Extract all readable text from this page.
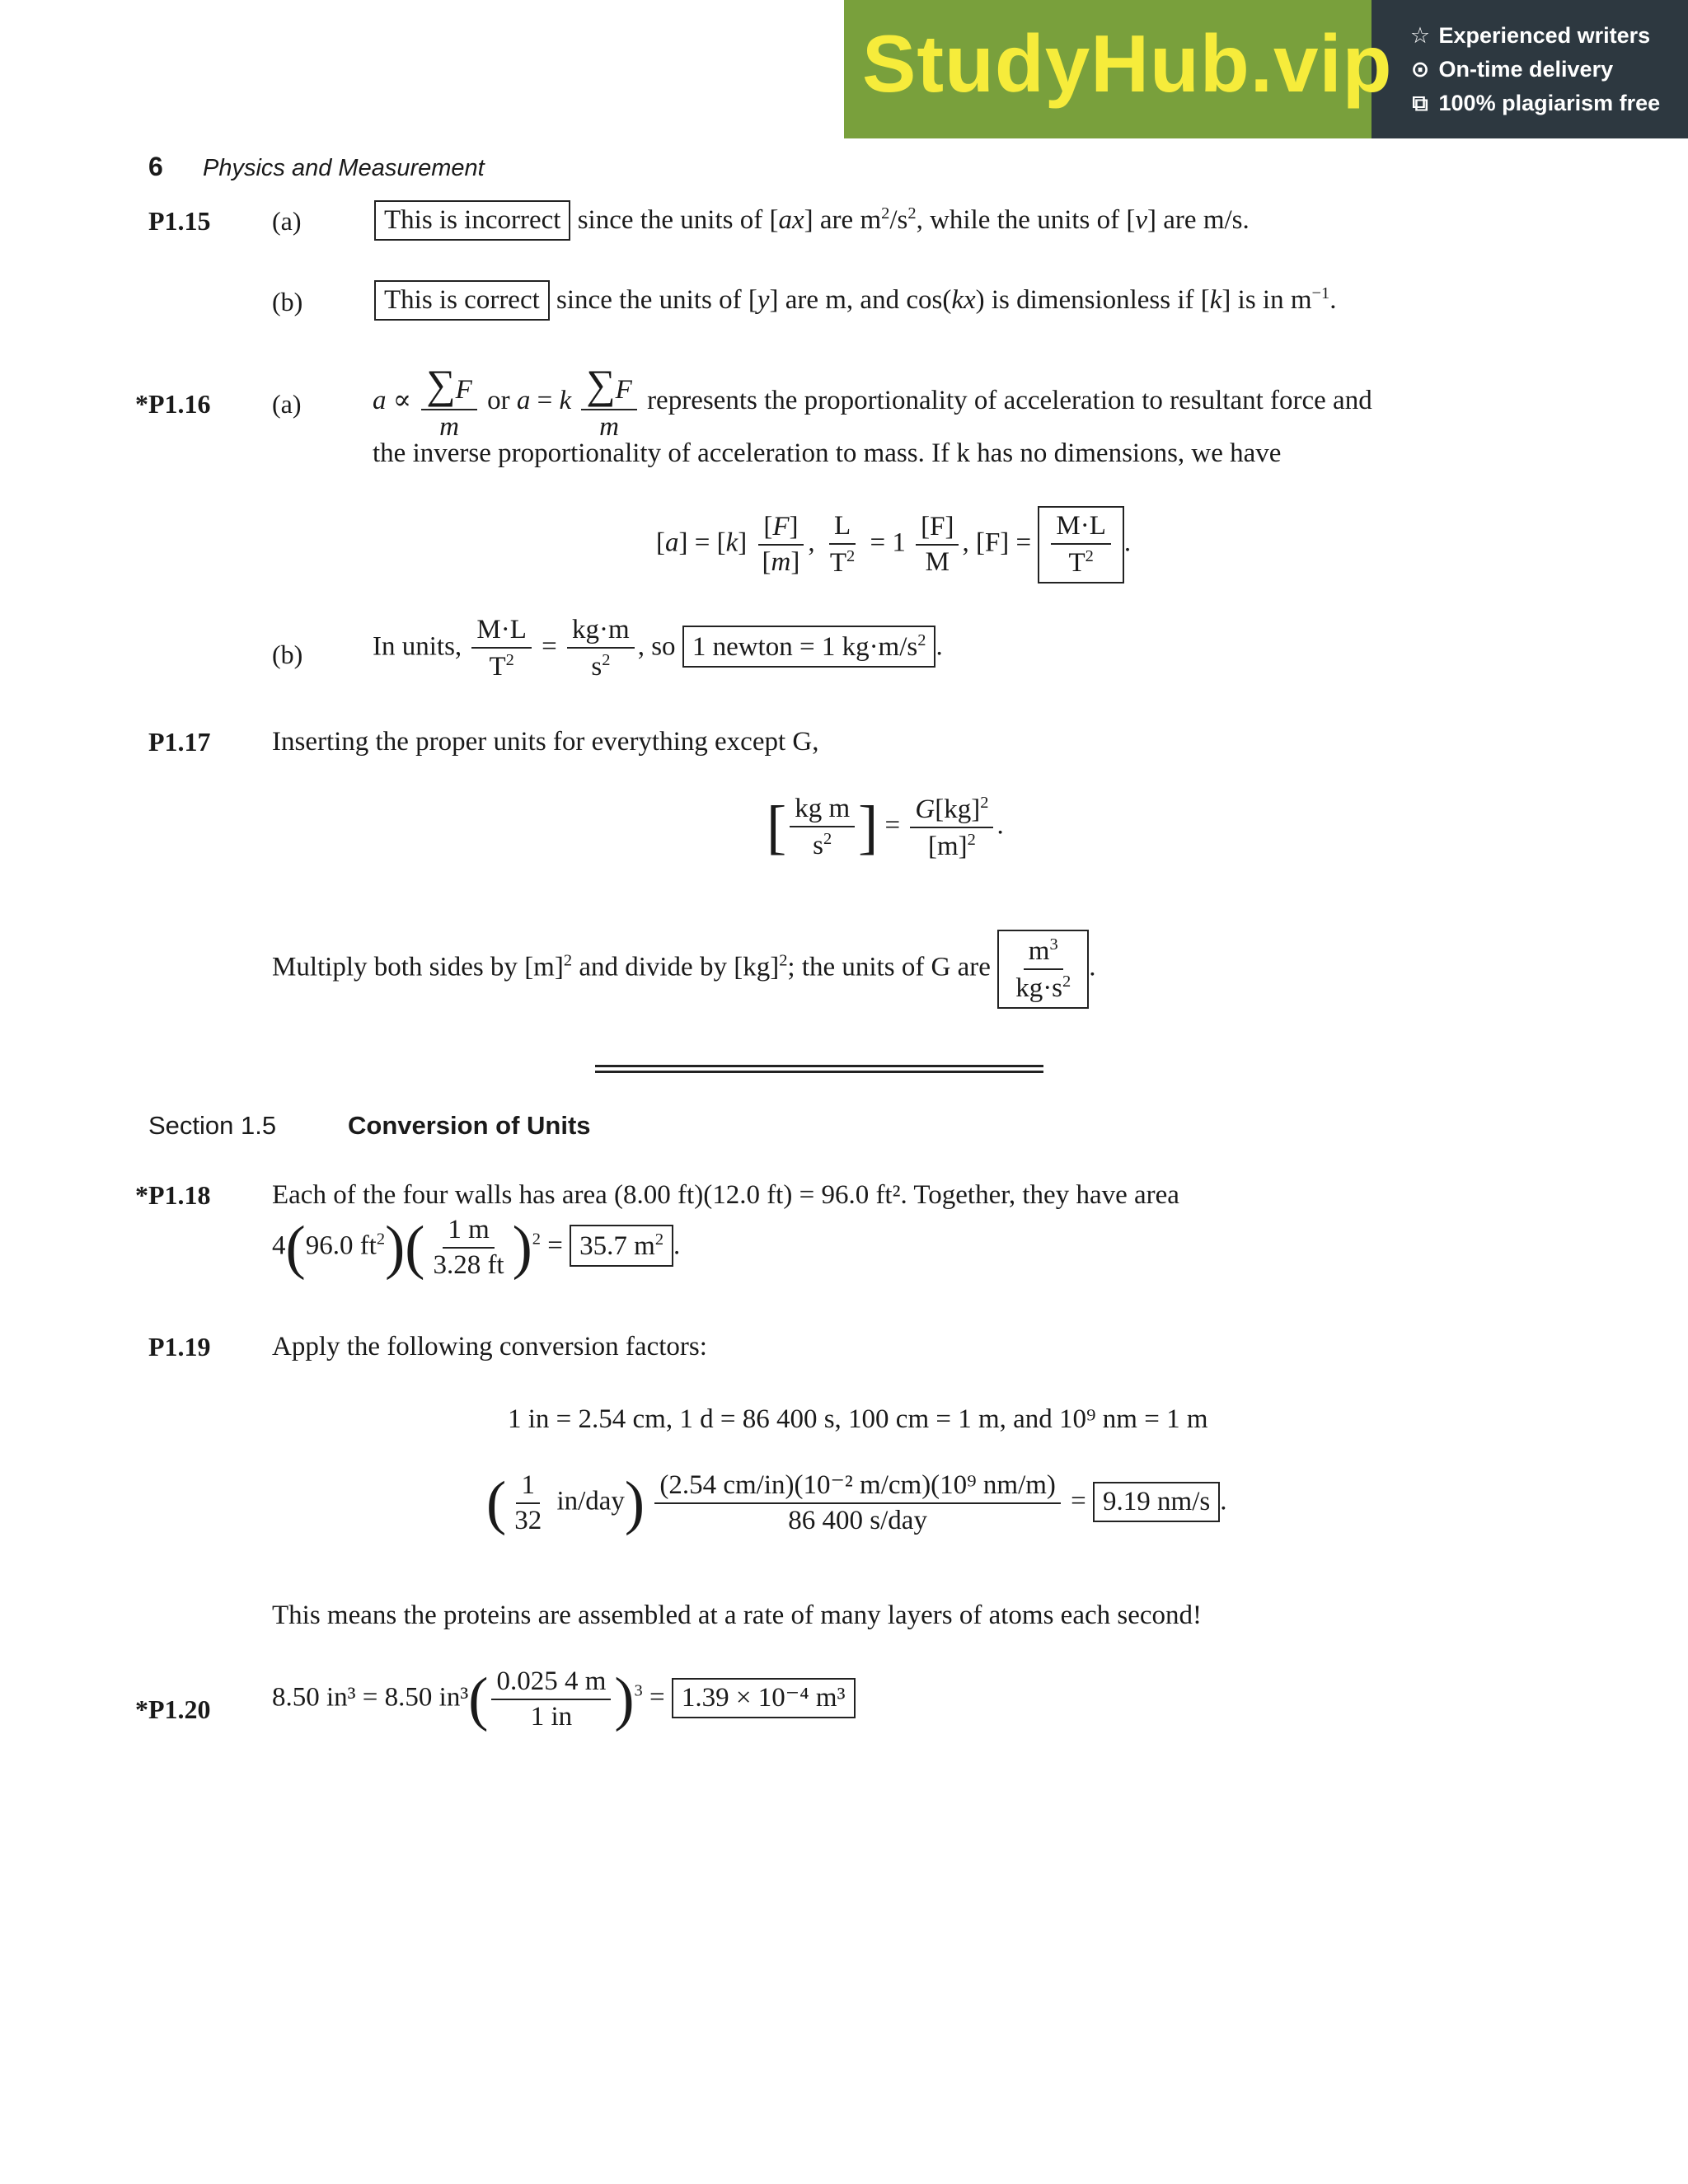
StudyHub.vip ☆ Experienced writers
⊙ On-time delivery
⧉ 100% plagiarism free
6 Physics and Measurement
P1.15 (a)	This is incorrect since the units of [ax] are $m^2/s^2$, while the units of [v] are m/s.
(b)	This is correct since the units of [y] are m, and cos(kx) is dimensionless if [k] is in $m^{-1}$.
*P1.16 (a)	$a \propto \frac{\sum F}{m}$ or a = k $\frac{\sum F}{m}$ represents the proportionality of acceleration to resultant force and
the inverse proportionality of acceleration to mass. If k has no dimensions, we have
$[a] = [k] \frac{[F]}{[m]}$ , $\frac{L}{T^2} = 1 \frac{[F]}{M}$ , $[F] = \frac{M\cdot L}{T^2}$ .
(b)	In units, $\frac{M\cdot L}{T^2} = \frac{kg\cdot m}{s^2}$ , so 1 newton = 1 $kg\cdot m/s^2$ .
P1.17 Inserting the proper units for everything except G,
[ $\frac{\text{kg m}}{s^2}$ ] = $\frac{G[kg]^2}{[m]^2}$ .
Multiply both sides by $[m]^2$ and divide by [kg]$^2$; the units of G are $\frac{m^3}{kg\cdot s^2}$ .
Section 1.5	Conversion of Units
*P1.18 Each of the four walls has area (8.00 ft)(12.0 ft) = 96.0 ft². Together, they have area
4(96.0 $ft^2)( \frac{1 m}{3.28 ft} )^2 = 35.7$ $m^2$ .
P1.19 Apply the following conversion factors:
1 in = 2.54 cm, 1 d = 86 400 s, 100 cm = 1 m, and 10⁹ nm = 1 m
( $\frac{1}{32} in/day) \frac{\text{(2.54 cm/in)(10⁻² m/cm)(10⁹ nm/m)}}{\text{86 400 s/day}} = 9.19$ nm/s .
This means the proteins are assembled at a rate of many layers of atoms each second!
*P1.20 8.50 in³ = 8.50 $in^3( \frac{0.025 4 m}{1 in} )^3 = 1.39 \times 10^{-4}$ m³
